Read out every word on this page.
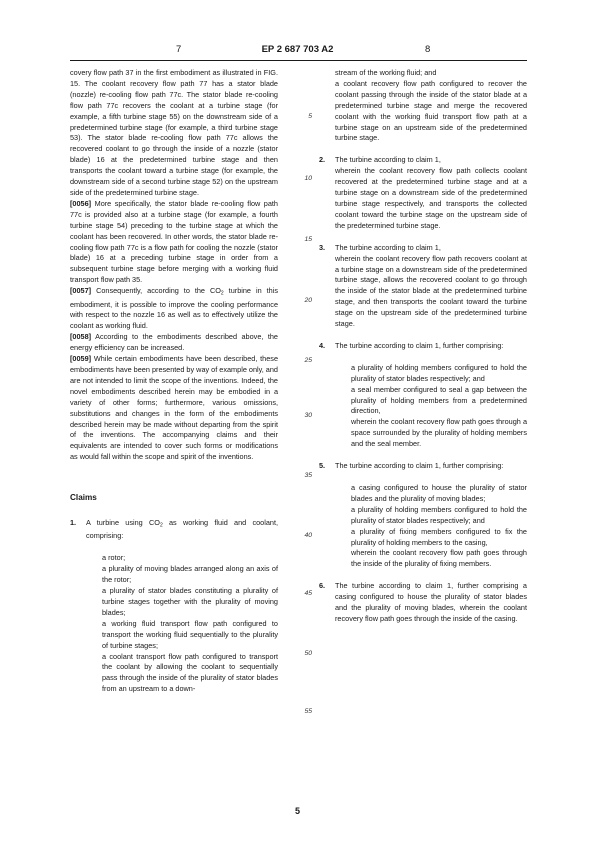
7	EP 2 687 703 A2	8

covery flow path 37 in the first embodiment as illustrated in FIG. 15. The coolant recovery flow path 77 has a stator blade (nozzle) re-cooling flow path 77c. The stator blade re-cooling flow path 77c recovers the coolant at a turbine stage (for example, a fifth turbine stage 55) on the downstream side of a predetermined turbine stage (for example, a third turbine stage 53). The stator blade re-cooling flow path 77c allows the recovered coolant to go through the inside of a nozzle (stator blade) 16 at the predetermined turbine stage and then transports the coolant toward a turbine stage (for example, the downstream side of a second turbine stage 52) on the upstream side of the predetermined turbine stage.

[0056] More specifically, the stator blade re-cooling flow path 77c is provided also at a turbine stage (for example, a fourth turbine stage 54) preceding to the turbine stage at which the coolant has been recovered. In other words, the stator blade re-cooling flow path 77c is a flow path for cooling the nozzle (stator blade) 16 at a preceding turbine stage in order from a subsequent turbine stage before merging with a working fluid transport flow path 35.

[0057] Consequently, according to the $CO_2$ turbine in this embodiment, it is possible to improve the cooling performance with respect to the nozzle 16 as well as to effectively utilize the coolant as working fluid.

[0058] According to the embodiments described above, the energy efficiency can be increased.

[0059] While certain embodiments have been described, these embodiments have been presented by way of example only, and are not intended to limit the scope of the inventions. Indeed, the novel embodiments described herein may be embodied in a variety of other forms; furthermore, various omissions, substitutions and changes in the form of the embodiments described herein may be made without departing from the spirit of the inventions. The accompanying claims and their equivalents are intended to cover such forms or modifications as would fall within the scope and spirit of the inventions.

Claims
1. A turbine using $CO_2$ as working fluid and coolant, comprising:

a rotor;

a plurality of moving blades arranged along an axis of the rotor;

a plurality of stator blades constituting a plurality of turbine stages together with the plurality of moving blades;

a working fluid transport flow path configured to transport the working fluid sequentially to the plurality of turbine stages;

a coolant transport flow path configured to transport the coolant by allowing the coolant to sequentially pass through the inside of the plurality of stator blades from an upstream to a down-

5
10
15
20
25
30
35
40
45
50
55

stream of the working fluid; and

a coolant recovery flow path configured to recover the coolant passing through the inside of the stator blade at a predetermined turbine stage and merge the recovered coolant with the working fluid transport flow path at a turbine stage on an upstream side of the predetermined turbine stage.

2. The turbine according to claim 1,

wherein the coolant recovery flow path collects coolant recovered at the predetermined turbine stage and at a turbine stage on a downstream side of the predetermined turbine stage respectively, and transports the collected coolant toward the turbine stage on the upstream side of the predetermined turbine stage.

3. The turbine according to claim 1,

wherein the coolant recovery flow path recovers coolant at a turbine stage on a downstream side of the predetermined turbine stage, allows the recovered coolant to go through the inside of the stator blade at the predetermined turbine stage, and then transports the coolant toward the turbine stage on the upstream side of the predetermined turbine stage.

4. The turbine according to claim 1, further comprising:

a plurality of holding members configured to hold the plurality of stator blades respectively; and

a seal member configured to seal a gap between the plurality of holding members from a predetermined direction,

wherein the coolant recovery flow path goes through a space surrounded by the plurality of holding members and the seal member.

5. The turbine according to claim 1, further comprising:

a casing configured to house the plurality of stator blades and the plurality of moving blades;

a plurality of holding members configured to hold the plurality of stator blades respectively; and

a plurality of fixing members configured to fix the plurality of holding members to the casing,

wherein the coolant recovery flow path goes through the inside of the plurality of fixing members.

6. The turbine according to claim 1, further comprising a casing configured to house the plurality of stator blades and the plurality of moving blades, wherein the coolant recovery flow path goes through the inside of the casing.

5
